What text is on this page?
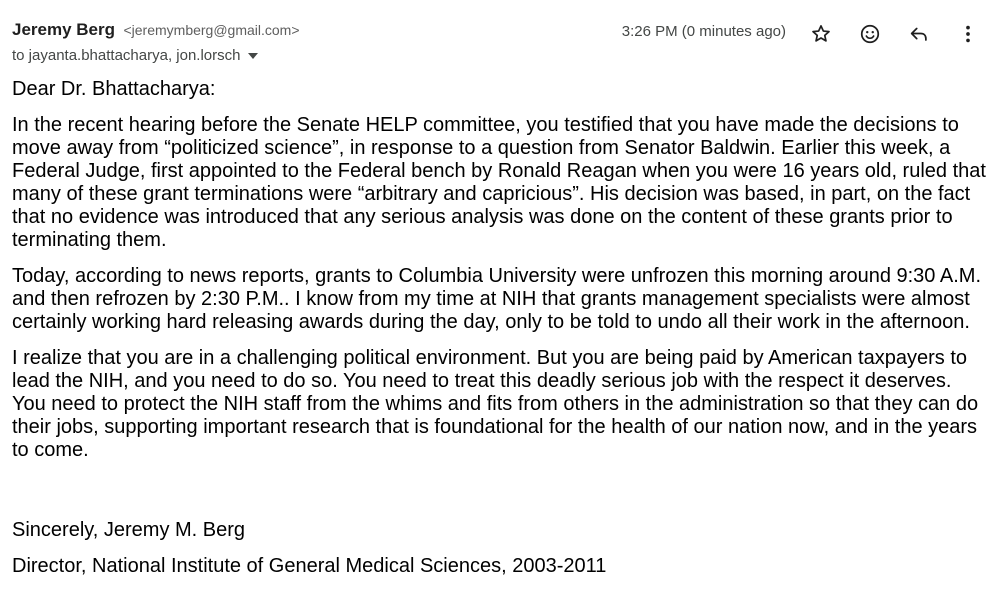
Jeremy Berg <jeremymberg@gmail.com>
to jayanta.bhattacharya, jon.lorsch
3:26 PM (0 minutes ago)

Dear Dr. Bhattacharya:

In the recent hearing before the Senate HELP committee, you testified that you have made the decisions to move away from “politicized science”, in response to a question from Senator Baldwin. Earlier this week, a Federal Judge, first appointed to the Federal bench by Ronald Reagan when you were 16 years old, ruled that many of these grant terminations were “arbitrary and capricious”. His decision was based, in part, on the fact that no evidence was introduced that any serious analysis was done on the content of these grants prior to terminating them.

Today, according to news reports, grants to Columbia University were unfrozen this morning around 9:30 A.M. and then refrozen by 2:30 P.M.. I know from my time at NIH that grants management specialists were almost certainly working hard releasing awards during the day, only to be told to undo all their work in the afternoon.

I realize that you are in a challenging political environment. But you are being paid by American taxpayers to lead the NIH, and you need to do so. You need to treat this deadly serious job with the respect it deserves. You need to protect the NIH staff from the whims and fits from others in the administration so that they can do their jobs, supporting important research that is foundational for the health of our nation now, and in the years to come.

Sincerely, Jeremy M. Berg

Director, National Institute of General Medical Sciences, 2003-2011
